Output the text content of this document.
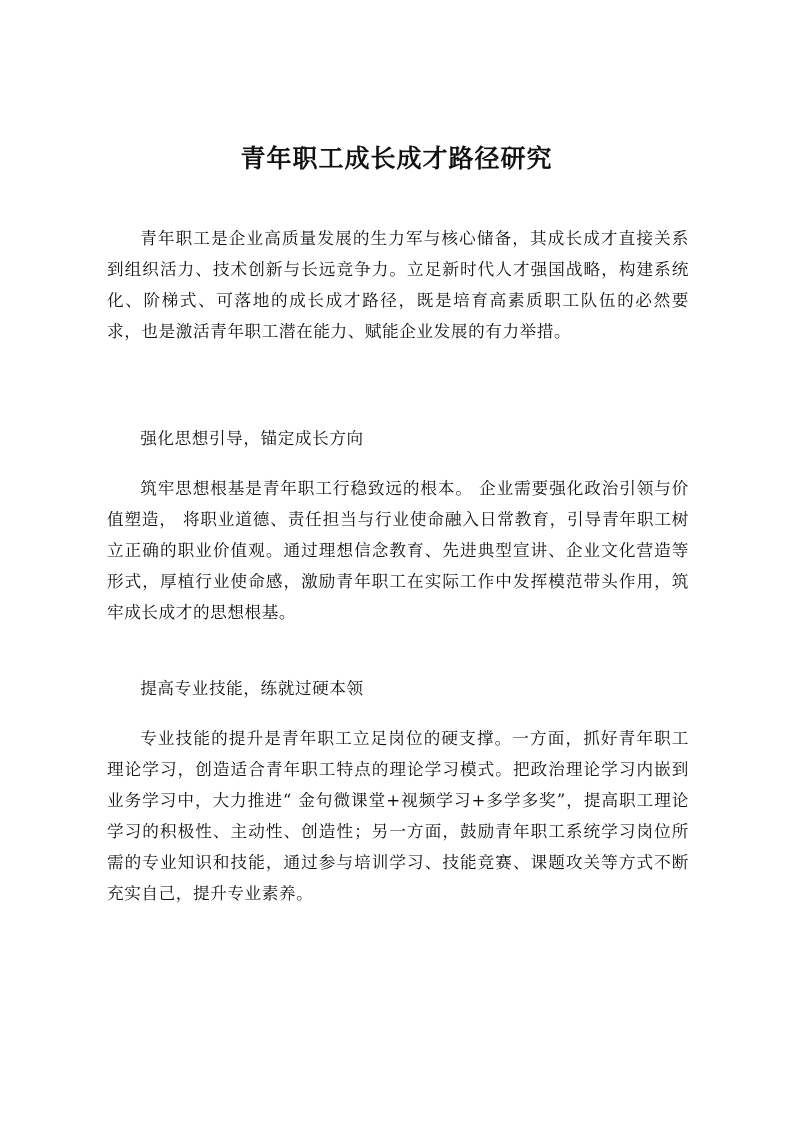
青年职工成长成才路径研究

青年职工是企业高质量发展的生力军与核心储备，其成长成才直接关系到组织活力、技术创新与长远竞争力。立足新时代人才强国战略，构建系统化、阶梯式、可落地的成长成才路径，既是培育高素质职工队伍的必然要求，也是激活青年职工潜在能力、赋能企业发展的有力举措。

强化思想引导，锚定成长方向

筑牢思想根基是青年职工行稳致远的根本。 企业需要强化政治引领与价值塑造， 将职业道德、责任担当与行业使命融入日常教育，引导青年职工树立正确的职业价值观。通过理想信念教育、先进典型宣讲、企业文化营造等形式，厚植行业使命感，激励青年职工在实际工作中发挥模范带头作用，筑牢成长成才的思想根基。

提高专业技能，练就过硬本领

专业技能的提升是青年职工立足岗位的硬支撑。一方面，抓好青年职工理论学习，创造适合青年职工特点的理论学习模式。把政治理论学习内嵌到业务学习中，大力推进“ 金句微课堂+视频学习+多学多奖”，提高职工理论学习的积极性、主动性、创造性；另一方面，鼓励青年职工系统学习岗位所需的专业知识和技能，通过参与培训学习、技能竞赛、课题攻关等方式不断充实自己，提升专业素养。
